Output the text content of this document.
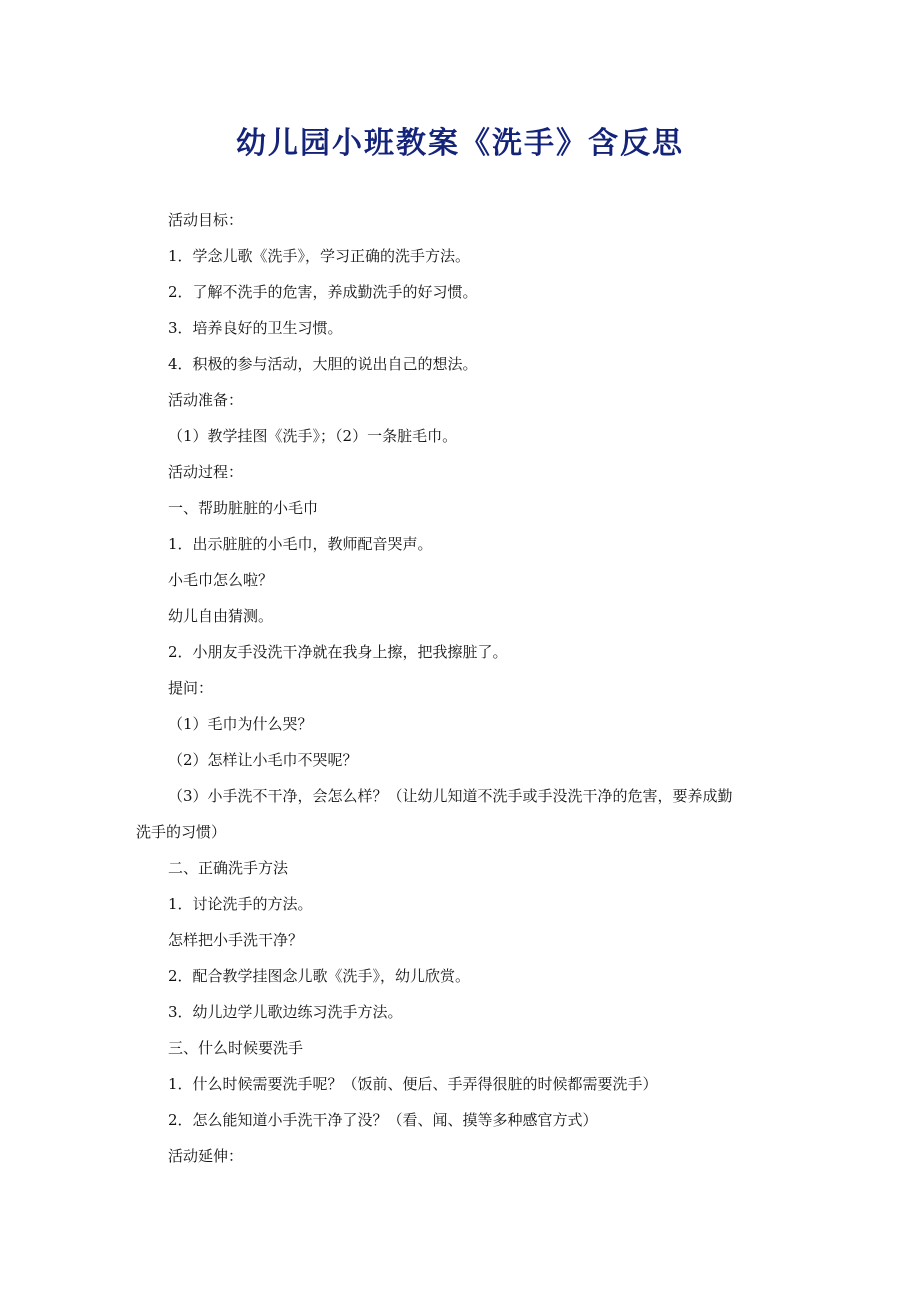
幼儿园小班教案《洗手》含反思

活动目标：

1．学念儿歌《洗手》，学习正确的洗手方法。

2．了解不洗手的危害，养成勤洗手的好习惯。

3．培养良好的卫生习惯。

4．积极的参与活动，大胆的说出自己的想法。

活动准备：

（1）教学挂图《洗手》；（2）一条脏毛巾。

活动过程：

一、帮助脏脏的小毛巾

1．出示脏脏的小毛巾，教师配音哭声。

小毛巾怎么啦？

幼儿自由猜测。

2．小朋友手没洗干净就在我身上擦，把我擦脏了。

提问：

（1）毛巾为什么哭？

（2）怎样让小毛巾不哭呢？

（3）小手洗不干净，会怎么样？（让幼儿知道不洗手或手没洗干净的危害，要养成勤

洗手的习惯）

二、正确洗手方法

1．讨论洗手的方法。

怎样把小手洗干净？

2．配合教学挂图念儿歌《洗手》，幼儿欣赏。

3．幼儿边学儿歌边练习洗手方法。

三、什么时候要洗手

1．什么时候需要洗手呢？（饭前、便后、手弄得很脏的时候都需要洗手）

2．怎么能知道小手洗干净了没？（看、闻、摸等多种感官方式）

活动延伸：
